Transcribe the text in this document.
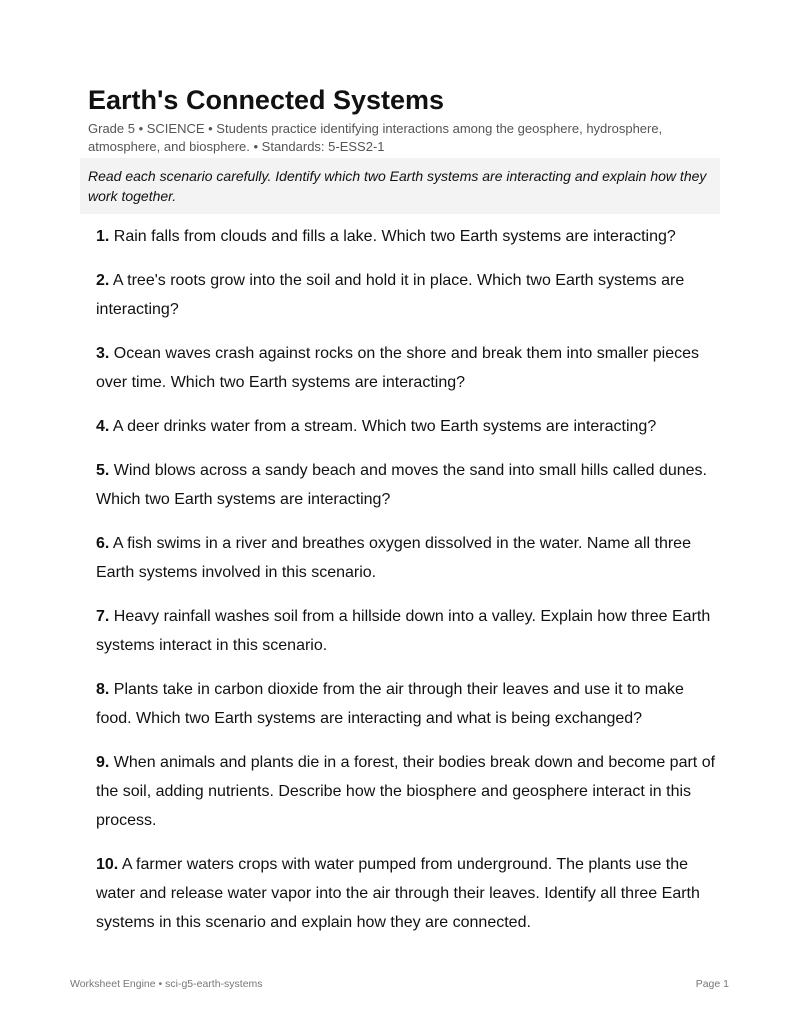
Earth's Connected Systems
Grade 5 • SCIENCE • Students practice identifying interactions among the geosphere, hydrosphere, atmosphere, and biosphere. • Standards: 5-ESS2-1
Read each scenario carefully. Identify which two Earth systems are interacting and explain how they work together.
1. Rain falls from clouds and fills a lake. Which two Earth systems are interacting?
2. A tree's roots grow into the soil and hold it in place. Which two Earth systems are interacting?
3. Ocean waves crash against rocks on the shore and break them into smaller pieces over time. Which two Earth systems are interacting?
4. A deer drinks water from a stream. Which two Earth systems are interacting?
5. Wind blows across a sandy beach and moves the sand into small hills called dunes. Which two Earth systems are interacting?
6. A fish swims in a river and breathes oxygen dissolved in the water. Name all three Earth systems involved in this scenario.
7. Heavy rainfall washes soil from a hillside down into a valley. Explain how three Earth systems interact in this scenario.
8. Plants take in carbon dioxide from the air through their leaves and use it to make food. Which two Earth systems are interacting and what is being exchanged?
9. When animals and plants die in a forest, their bodies break down and become part of the soil, adding nutrients. Describe how the biosphere and geosphere interact in this process.
10. A farmer waters crops with water pumped from underground. The plants use the water and release water vapor into the air through their leaves. Identify all three Earth systems in this scenario and explain how they are connected.
Worksheet Engine • sci-g5-earth-systems	Page 1
